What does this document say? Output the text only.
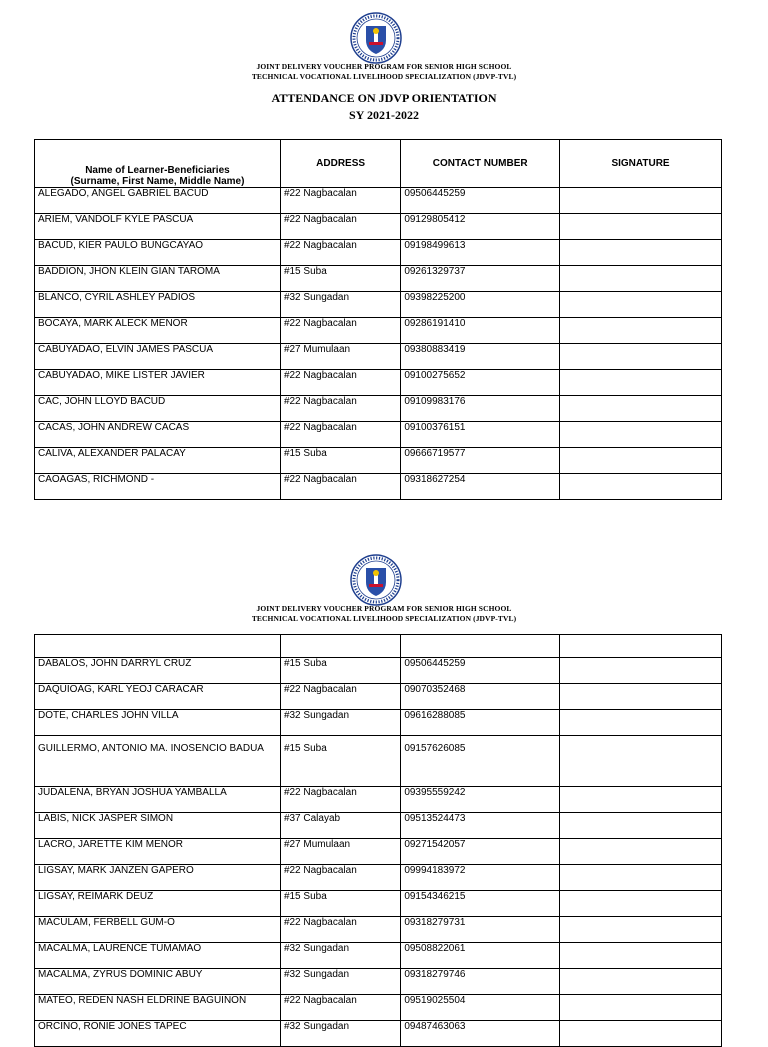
JOINT DELIVERY VOUCHER PROGRAM FOR SENIOR HIGH SCHOOL
TECHNICAL VOCATIONAL LIVELIHOOD SPECIALIZATION (JDVP-TVL)
ATTENDANCE ON JDVP ORIENTATION
SY 2021-2022
Name of Learner-Beneficiaries
(Surname, First Name, Middle Name)	ADDRESS	CONTACT NUMBER	SIGNATURE
ALEGADO, ANGEL GABRIEL BACUD	#22 Nagbacalan	09506445259	
ARIEM, VANDOLF KYLE PASCUA	#22 Nagbacalan	09129805412	
BACUD, KIER PAULO BUNGCAYAO	#22 Nagbacalan	09198499613	
BADDION, JHON KLEIN GIAN TAROMA	#15 Suba	09261329737	
BLANCO, CYRIL ASHLEY PADIOS	#32 Sungadan	09398225200	
BOCAYA, MARK ALECK MENOR	#22 Nagbacalan	09286191410	
CABUYADAO, ELVIN JAMES PASCUA	#27 Mumulaan	09380883419	
CABUYADAO, MIKE LISTER JAVIER	#22 Nagbacalan	09100275652	
CAC, JOHN LLOYD BACUD	#22 Nagbacalan	09109983176	
CACAS, JOHN ANDREW CACAS	#22 Nagbacalan	09100376151	
CALIVA, ALEXANDER PALACAY	#15 Suba	09666719577	
CAOAGAS, RICHMOND -	#22 Nagbacalan	09318627254	
JOINT DELIVERY VOUCHER PROGRAM FOR SENIOR HIGH SCHOOL
TECHNICAL VOCATIONAL LIVELIHOOD SPECIALIZATION (JDVP-TVL)

DABALOS, JOHN DARRYL CRUZ	#15 Suba	09506445259	
DAQUIOAG, KARL YEOJ CARACAR	#22 Nagbacalan	09070352468	
DOTE, CHARLES JOHN VILLA	#32 Sungadan	09616288085	
GUILLERMO, ANTONIO MA. INOSENCIO BADUA	#15 Suba	09157626085	
JUDALENA, BRYAN JOSHUA YAMBALLA	#22 Nagbacalan	09395559242	
LABIS, NICK JASPER SIMON	#37 Calayab	09513524473	
LACRO, JARETTE KIM MENOR	#27 Mumulaan	09271542057	
LIGSAY, MARK JANZEN GAPERO	#22 Nagbacalan	09994183972	
LIGSAY, REIMARK DEUZ	#15 Suba	09154346215	
MACULAM, FERBELL GUM-O	#22 Nagbacalan	09318279731	
MACALMA, LAURENCE TUMAMAO	#32 Sungadan	09508822061	
MACALMA, ZYRUS DOMINIC ABUY	#32 Sungadan	09318279746	
MATEO, REDEN NASH ELDRINE BAGUINON	#22 Nagbacalan	09519025504	
ORCINO, RONIE JONES TAPEC	#32 Sungadan	09487463063	
